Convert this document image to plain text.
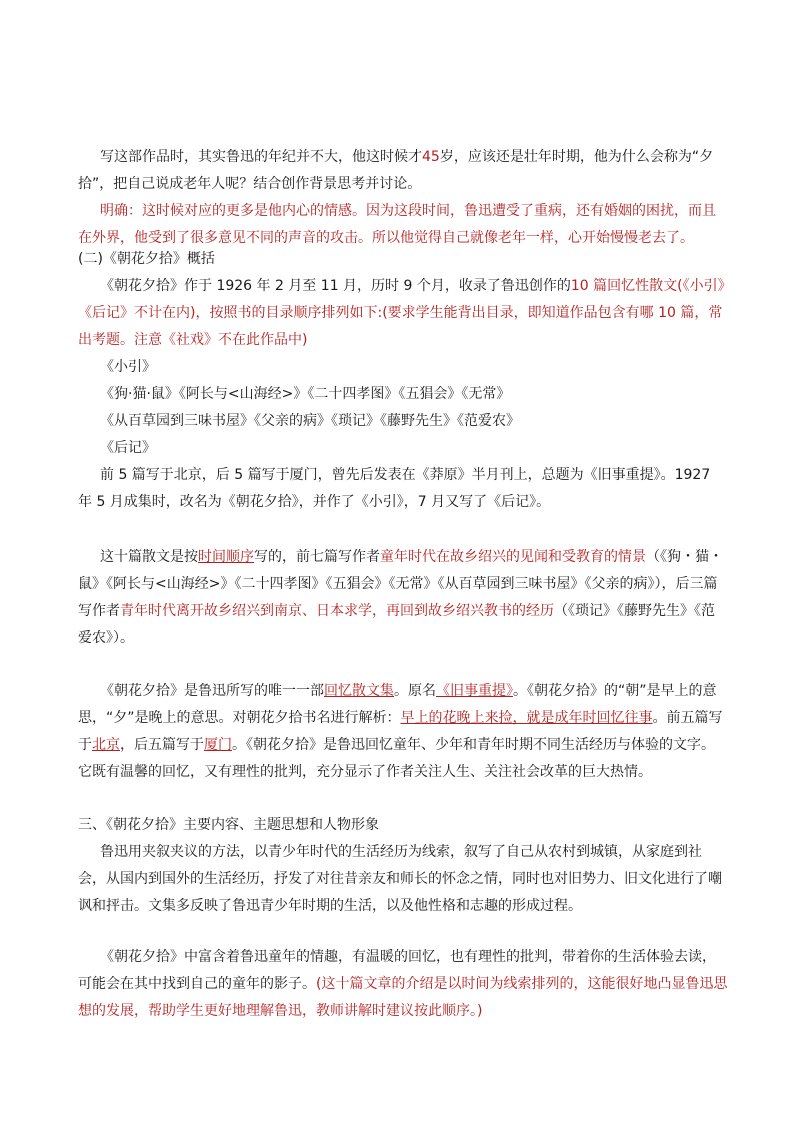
写这部作品时，其实鲁迅的年纪并不大，他这时候才45岁，应该还是壮年时期，他为什么会称为“夕拾”，把自己说成老年人呢？结合创作背景思考并讨论。

明确：这时候对应的更多是他内心的情感。因为这段时间，鲁迅遭受了重病，还有婚姻的困扰，而且在外界，他受到了很多意见不同的声音的攻击。所以他觉得自己就像老年一样，心开始慢慢老去了。

(二)《朝花夕拾》概括

《朝花夕拾》作于 1926 年 2 月至 11 月，历时 9 个月，收录了鲁迅创作的10 篇回忆性散文(《小引》《后记》不计在内)，按照书的目录顺序排列如下:(要求学生能背出目录，即知道作品包含有哪 10 篇，常出考题。注意《社戏》不在此作品中)

《小引》

《狗·猫·鼠》《阿长与<山海经>》《二十四孝图》《五猖会》《无常》

《从百草园到三味书屋》《父亲的病》《琐记》《藤野先生》《范爱农》

《后记》

前 5 篇写于北京，后 5 篇写于厦门，曾先后发表在《莽原》半月刊上，总题为《旧事重提》。1927 年 5 月成集时，改名为《朝花夕拾》，并作了《小引》，7 月又写了《后记》。

这十篇散文是按时间顺序写的，前七篇写作者童年时代在故乡绍兴的见闻和受教育的情景（《狗・猫・鼠》《阿长与<山海经>》《二十四孝图》《五猖会》《无常》《从百草园到三味书屋》《父亲的病》），后三篇写作者青年时代离开故乡绍兴到南京、日本求学，再回到故乡绍兴教书的经历（《琐记》《藤野先生》《范爱农》）。

《朝花夕拾》是鲁迅所写的唯一一部回忆散文集。原名《旧事重提》。《朝花夕拾》的“朝”是早上的意思，“夕”是晚上的意思。对朝花夕拾书名进行解析：早上的花晚上来捡，就是成年时回忆往事。前五篇写于北京，后五篇写于厦门。《朝花夕拾》是鲁迅回忆童年、少年和青年时期不同生活经历与体验的文字。它既有温馨的回忆，又有理性的批判，充分显示了作者关注人生、关注社会改革的巨大热情。

三、《朝花夕拾》主要内容、主题思想和人物形象

鲁迅用夹叙夹议的方法，以青少年时代的生活经历为线索，叙写了自己从农村到城镇，从家庭到社会，从国内到国外的生活经历，抒发了对往昔亲友和师长的怀念之情，同时也对旧势力、旧文化进行了嘲讽和抨击。文集多反映了鲁迅青少年时期的生活，以及他性格和志趣的形成过程。

《朝花夕拾》中富含着鲁迅童年的情趣，有温暖的回忆，也有理性的批判，带着你的生活体验去读，可能会在其中找到自己的童年的影子。(这十篇文章的介绍是以时间为线索排列的，这能很好地凸显鲁迅思想的发展，帮助学生更好地理解鲁迅，教师讲解时建议按此顺序。)
